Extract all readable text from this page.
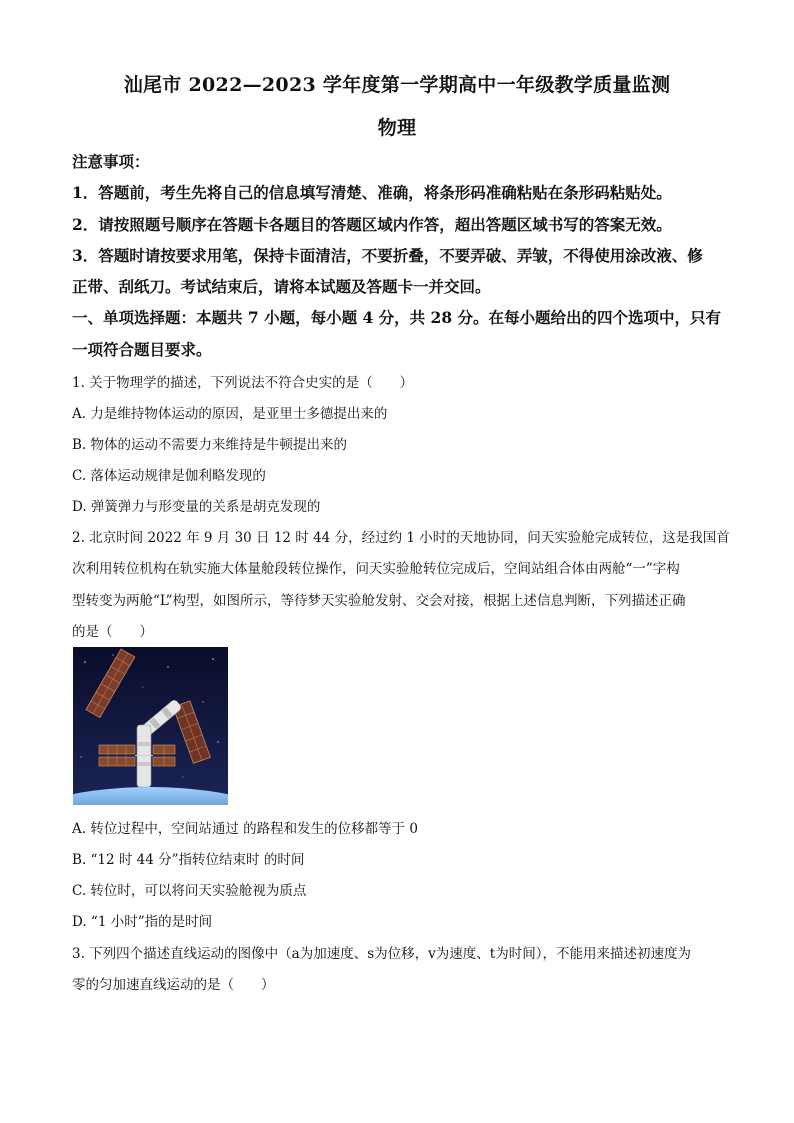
汕尾市 2022—2023 学年度第一学期高中一年级教学质量监测
物理
注意事项：
1．答题前，考生先将自己的信息填写清楚、准确，将条形码准确粘贴在条形码粘贴处。
2．请按照题号顺序在答题卡各题目的答题区域内作答，超出答题区域书写的答案无效。
3．答题时请按要求用笔，保持卡面清洁，不要折叠，不要弄破、弄皱，不得使用涂改液、修
正带、刮纸刀。考试结束后，请将本试题及答题卡一并交回。
一、单项选择题：本题共 7 小题，每小题 4 分，共 28 分。在每小题给出的四个选项中，只有
一项符合题目要求。
1. 关于物理学的描述，下列说法不符合史实的是（　　）
A. 力是维持物体运动的原因，是亚里士多德提出来的
B. 物体的运动不需要力来维持是牛顿提出来的
C. 落体运动规律是伽利略发现的
D. 弹簧弹力与形变量的关系是胡克发现的
2. 北京时间 2022 年 9 月 30 日 12 时 44 分，经过约 1 小时的天地协同，问天实验舱完成转位，这是我国首
次利用转位机构在轨实施大体量舱段转位操作，问天实验舱转位完成后，空间站组合体由两舱“一”字构
型转变为两舱“L”构型，如图所示，等待梦天实验舱发射、交会对接，根据上述信息判断，下列描述正确
的是（　　）
A. 转位过程中，空间站通过 的路程和发生的位移都等于 0
B. “12 时 44 分”指转位结束时 的时间
C. 转位时，可以将问天实验舱视为质点
D. “1 小时”指的是时间
3. 下列四个描述直线运动的图像中（a为加速度、s为位移，v为速度、t为时间），不能用来描述初速度为
零的匀加速直线运动的是（　　）
